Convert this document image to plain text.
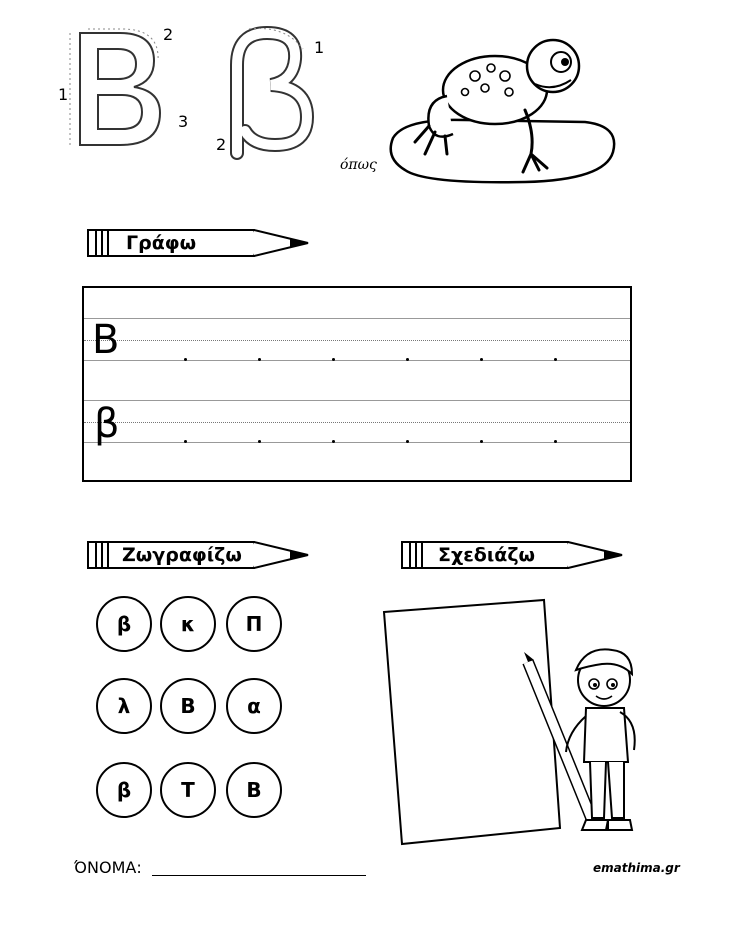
1
2
3
1
2
όπως
Γράφω
B
β
Ζωγραφίζω	Σχεδιάζω
β	κ	Π
λ	Β	α
β	Τ	Β
ΌΝΟΜΑ:	emathima.gr
